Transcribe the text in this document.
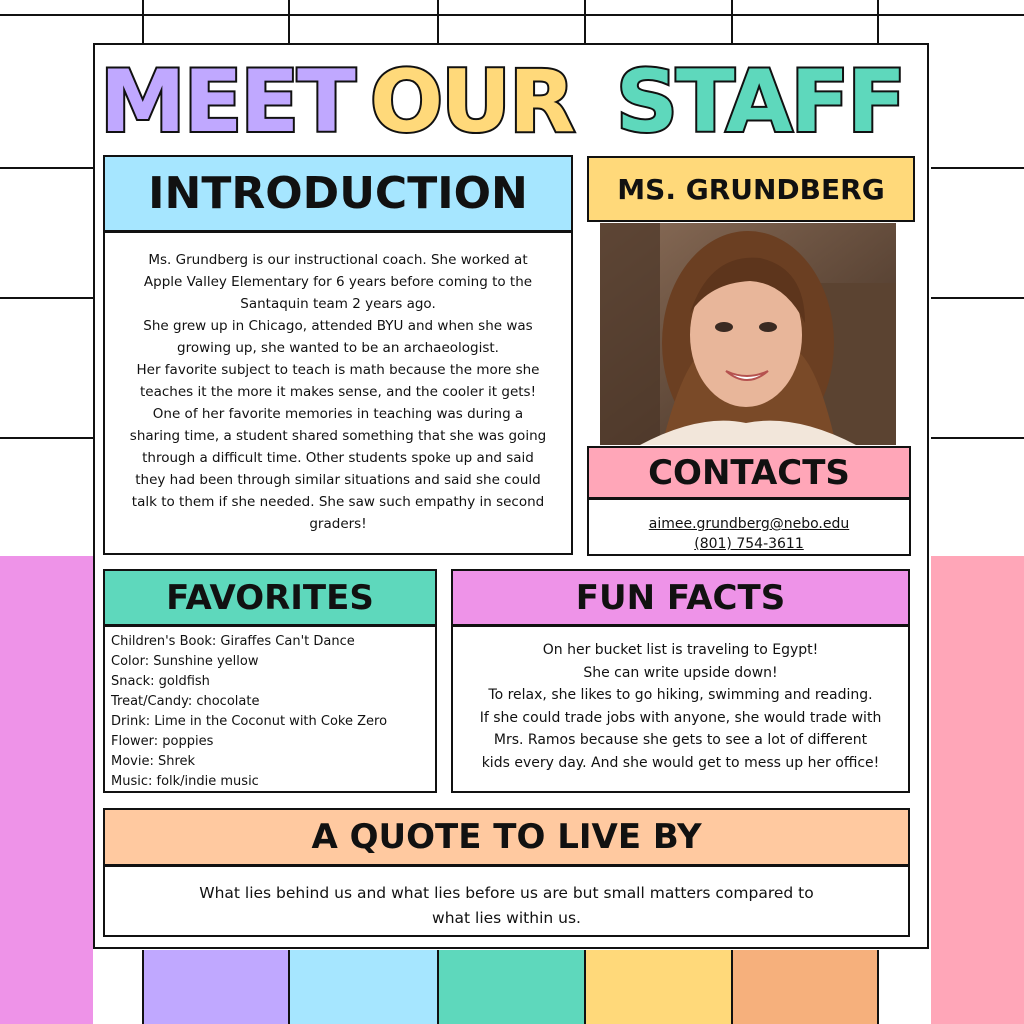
MEET OUR STAFF
INTRODUCTION
Ms. Grundberg is our instructional coach. She worked at
Apple Valley Elementary for 6 years before coming to the
Santaquin team 2 years ago.
She grew up in Chicago, attended BYU and when she was
growing up, she wanted to be an archaeologist.
Her favorite subject to teach is math because the more she
teaches it the more it makes sense, and the cooler it gets!
One of her favorite memories in teaching was during a
sharing time, a student shared something that she was going
through a difficult time. Other students spoke up and said
they had been through similar situations and said she could
talk to them if she needed. She saw such empathy in second
graders!
MS. GRUNDBERG
CONTACTS
aimee.grundberg@nebo.edu
(801) 754-3611
FAVORITES
Children's Book: Giraffes Can't Dance
Color: Sunshine yellow
Snack: goldfish
Treat/Candy: chocolate
Drink: Lime in the Coconut with Coke Zero
Flower: poppies
Movie: Shrek
Music: folk/indie music
FUN FACTS
On her bucket list is traveling to Egypt!
She can write upside down!
To relax, she likes to go hiking, swimming and reading.
If she could trade jobs with anyone, she would trade with
Mrs. Ramos because she gets to see a lot of different
kids every day. And she would get to mess up her office!
A QUOTE TO LIVE BY
What lies behind us and what lies before us are but small matters compared to
what lies within us.
